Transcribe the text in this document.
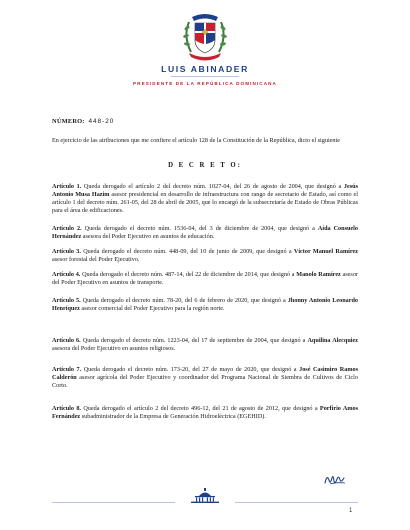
LUIS ABINADER
PRESIDENTE DE LA REPÚBLICA DOMINICANA
NÚMERO: 448-20
En ejercicio de las atribuciones que me confiere el artículo 128 de la Constitución de la República, dicto el siguiente
D E C R E T O:
Artículo 1. Queda derogado el artículo 2 del decreto núm. 1027-04, del 26 de agosto de 2004, que designó a Jesús Antonio Musa Hazim asesor presidencial en desarrollo de infraestructura con rango de secretario de Estado, así como el artículo 1 del decreto núm. 261-05, del 28 de abril de 2005, que lo encargó de la subsecretaría de Estado de Obras Públicas para el área de edificaciones.
Artículo 2. Queda derogado el decreto núm. 1536-04, del 3 de diciembre de 2004, que designó a Aída Consuelo Hernández asesora del Poder Ejecutivo en asuntos de educación.
Artículo 3. Queda derogado el decreto núm. 448-09, del 10 de junio de 2009, que designó a Víctor Manuel Ramírez asesor forestal del Poder Ejecutivo.
Artículo 4. Queda derogado el decreto núm. 487-14, del 22 de diciembre de 2014, que designó a Manolo Ramírez asesor del Poder Ejecutivo en asuntos de transporte.
Artículo 5. Queda derogado el decreto núm. 78-20, del 6 de febrero de 2020, que designó a Jhonny Antonio Leonardo Henríquez asesor comercial del Poder Ejecutivo para la región norte.
Artículo 6. Queda derogado el decreto núm. 1223-04, del 17 de septiembre de 2004, que designó a Aquilina Alecquiez asesora del Poder Ejecutivo en asuntos religiosos.
Artículo 7. Queda derogado el decreto núm. 173-20, del 27 de mayo de 2020, que designó a José Casimiro Ramos Calderón asesor agrícola del Poder Ejecutivo y coordinador del Programa Nacional de Siembra de Cultivos de Ciclo Corto.
Artículo 8. Queda derogado el artículo 2 del decreto 496-12, del 21 de agosto de 2012, que designó a Porfirio Amos Fernández subadministrador de la Empresa de Generación Hidroeléctrica (EGEHID).
1
